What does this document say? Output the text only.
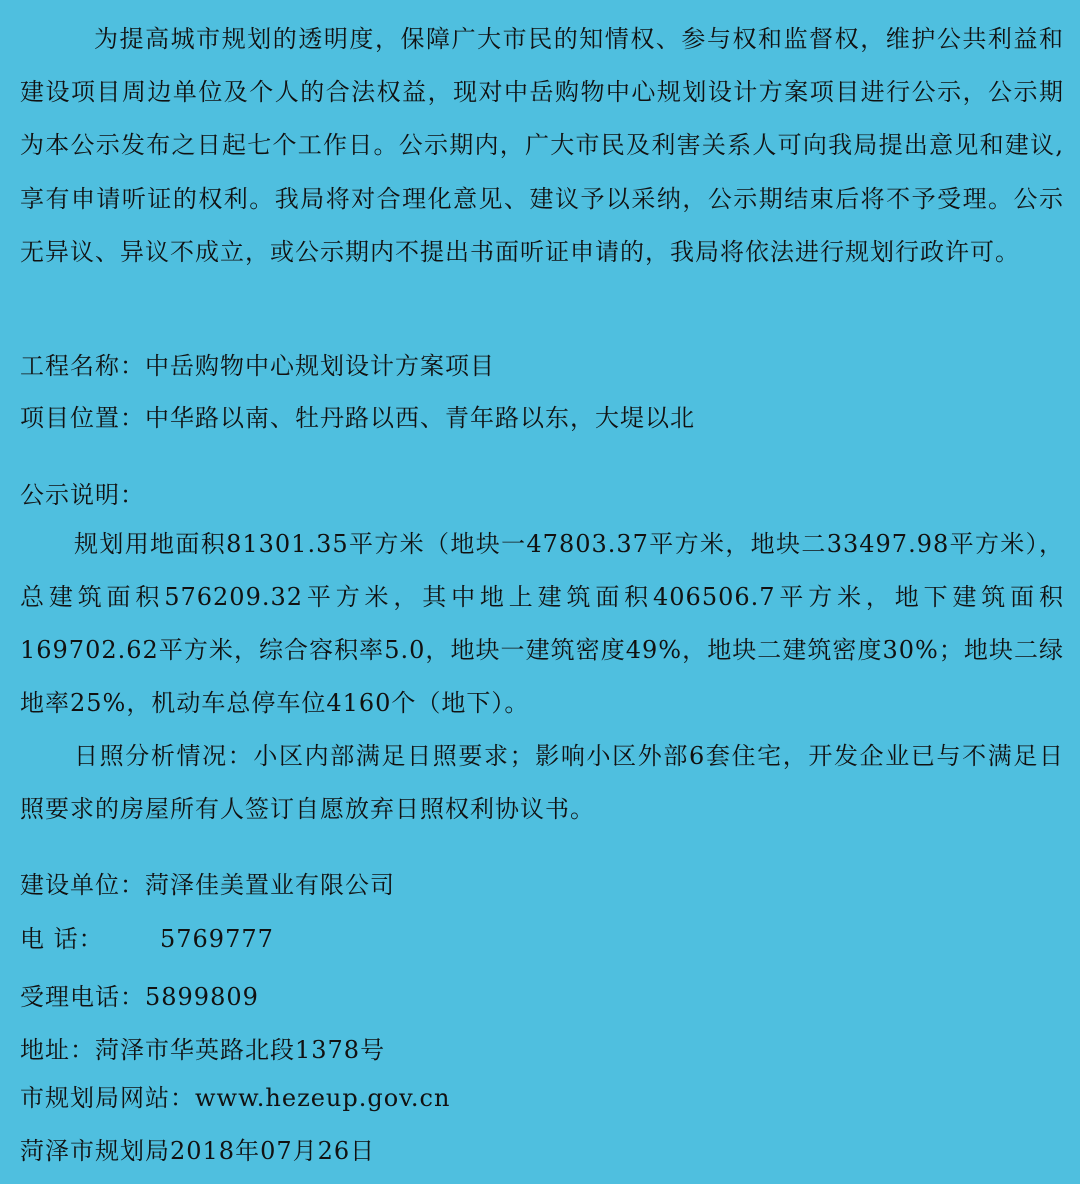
为提高城市规划的透明度，保障广大市民的知情权、参与权和监督权，维护公共利益和建设项目周边单位及个人的合法权益，现对中岳购物中心规划设计方案项目进行公示，公示期为本公示发布之日起七个工作日。公示期内，广大市民及利害关系人可向我局提出意见和建议,享有申请听证的权利。我局将对合理化意见、建议予以采纳，公示期结束后将不予受理。公示无异议、异议不成立，或公示期内不提出书面听证申请的，我局将依法进行规划行政许可。
工程名称：中岳购物中心规划设计方案项目
项目位置：中华路以南、牡丹路以西、青年路以东，大堤以北
公示说明：
规划用地面积81301.35平方米（地块一47803.37平方米，地块二33497.98平方米），总建筑面积576209.32平方米，其中地上建筑面积406506.7平方米，地下建筑面积169702.62平方米，综合容积率5.0，地块一建筑密度49%，地块二建筑密度30%；地块二绿地率25%，机动车总停车位4160个（地下）。
日照分析情况：小区内部满足日照要求；影响小区外部6套住宅，开发企业已与不满足日照要求的房屋所有人签订自愿放弃日照权利协议书。
建设单位：菏泽佳美置业有限公司
电 话： 5769777
受理电话：5899809
地址：菏泽市华英路北段1378号
市规划局网站：www.hezeup.gov.cn
菏泽市规划局2018年07月26日
